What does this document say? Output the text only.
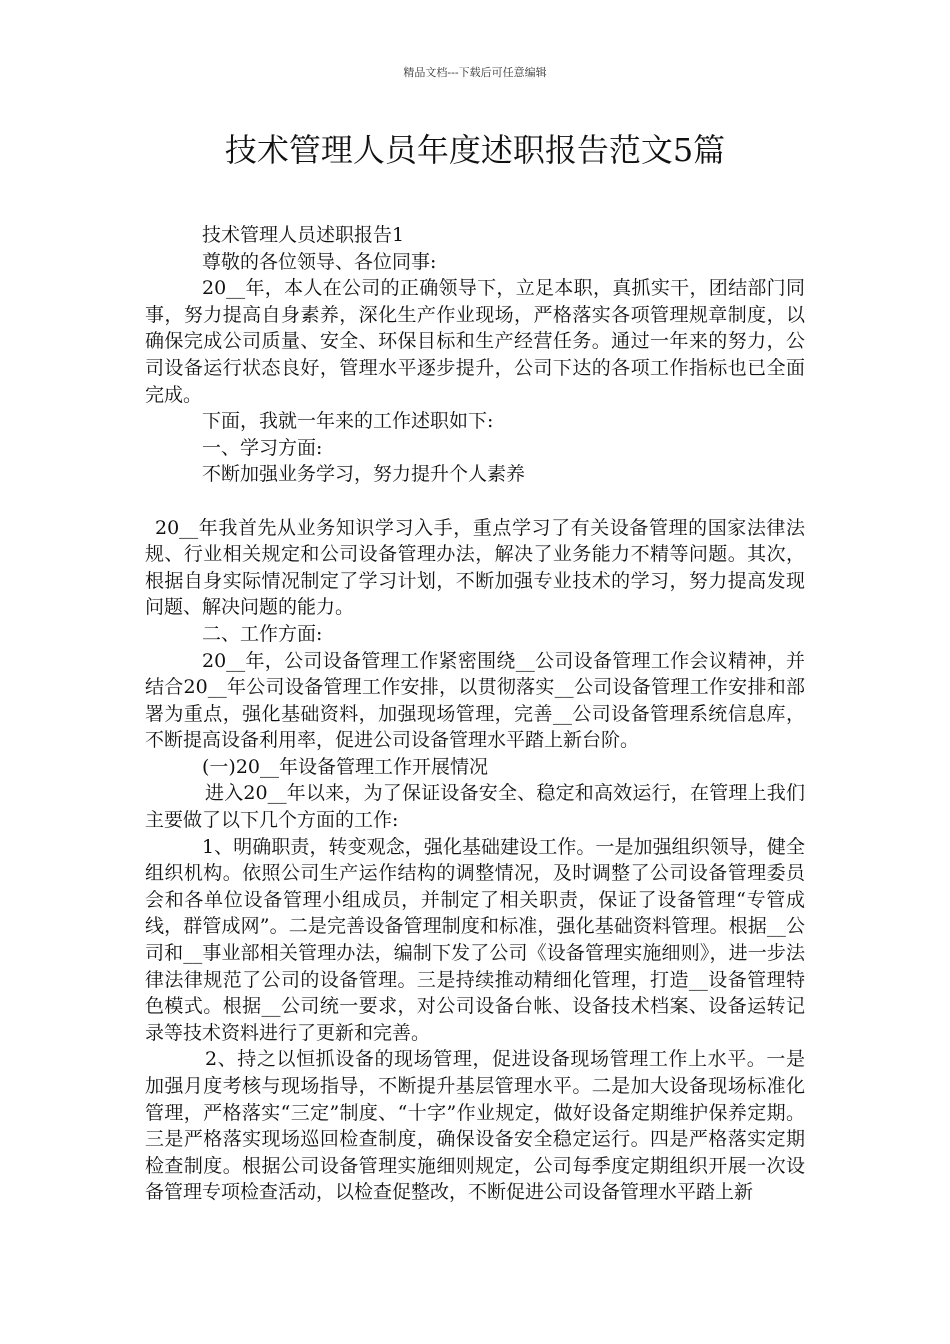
精品文档---下载后可任意编辑
技术管理人员年度述职报告范文5篇

技术管理人员述职报告1

尊敬的各位领导、各位同事:

20__年，本人在公司的正确领导下，立足本职，真抓实干，团结部门同事，努力提高自身素养，深化生产作业现场，严格落实各项管理规章制度，以确保完成公司质量、安全、环保目标和生产经营任务。通过一年来的努力，公司设备运行状态良好，管理水平逐步提升，公司下达的各项工作指标也已全面完成。

下面，我就一年来的工作述职如下:

一、学习方面:

不断加强业务学习，努力提升个人素养

20__年我首先从业务知识学习入手，重点学习了有关设备管理的国家法律法规、行业相关规定和公司设备管理办法，解决了业务能力不精等问题。其次，根据自身实际情况制定了学习计划，不断加强专业技术的学习，努力提高发现问题、解决问题的能力。

二、工作方面:

20__年，公司设备管理工作紧密围绕__公司设备管理工作会议精神，并结合20__年公司设备管理工作安排，以贯彻落实__公司设备管理工作安排和部署为重点，强化基础资料，加强现场管理，完善__公司设备管理系统信息库，不断提高设备利用率，促进公司设备管理水平踏上新台阶。

(一)20__年设备管理工作开展情况

进入20__年以来，为了保证设备安全、稳定和高效运行，在管理上我们主要做了以下几个方面的工作:

1、明确职责，转变观念，强化基础建设工作。一是加强组织领导，健全组织机构。依照公司生产运作结构的调整情况，及时调整了公司设备管理委员会和各单位设备管理小组成员，并制定了相关职责，保证了设备管理“专管成线，群管成网”。二是完善设备管理制度和标准，强化基础资料管理。根据__公司和__事业部相关管理办法，编制下发了公司《设备管理实施细则》，进一步法律法律规范了公司的设备管理。三是持续推动精细化管理，打造__设备管理特色模式。根据__公司统一要求，对公司设备台帐、设备技术档案、设备运转记录等技术资料进行了更新和完善。

2、持之以恒抓设备的现场管理，促进设备现场管理工作上水平。一是加强月度考核与现场指导，不断提升基层管理水平。二是加大设备现场标准化管理，严格落实“三定”制度、“十字”作业规定，做好设备定期维护保养定期。三是严格落实现场巡回检查制度，确保设备安全稳定运行。四是严格落实定期检查制度。根据公司设备管理实施细则规定，公司每季度定期组织开展一次设备管理专项检查活动，以检查促整改，不断促进公司设备管理水平踏上新
